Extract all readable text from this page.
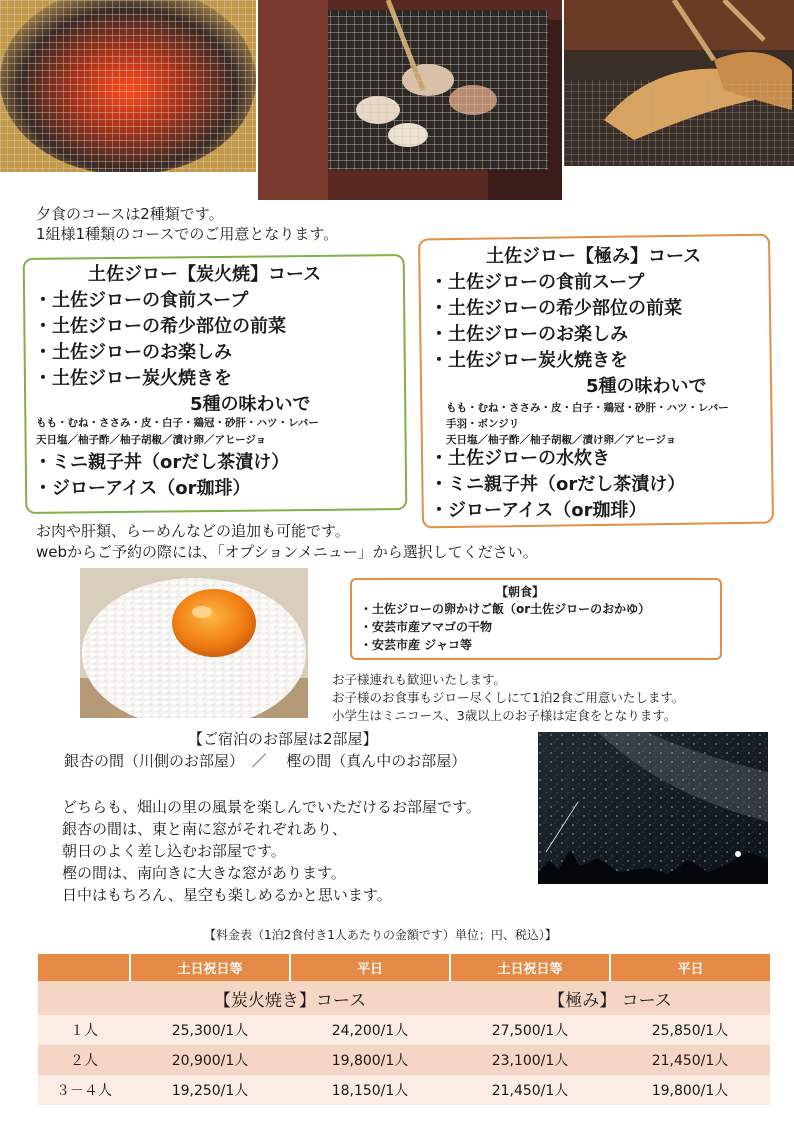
夕食のコースは2種類です。
1組様1種類のコースでのご用意となります。
土佐ジロー【炭火焼】コース
・土佐ジローの食前スープ
・土佐ジローの希少部位の前菜
・土佐ジローのお楽しみ
・土佐ジロー炭火焼きを
5種の味わいで
もも・むね・ささみ・皮・白子・鶏冠・砂肝・ハツ・レバー
天日塩／柚子酢／柚子胡椒／漬け卵／アヒージョ
・ミニ親子丼（orだし茶漬け）
・ジローアイス（or珈琲）
土佐ジロー【極み】コース
・土佐ジローの食前スープ
・土佐ジローの希少部位の前菜
・土佐ジローのお楽しみ
・土佐ジロー炭火焼きを
5種の味わいで
もも・むね・ささみ・皮・白子・鶏冠・砂肝・ハツ・レバー
手羽・ボンジリ
天日塩／柚子酢／柚子胡椒／漬け卵／アヒージョ
・土佐ジローの水炊き
・ミニ親子丼（orだし茶漬け）
・ジローアイス（or珈琲）
お肉や肝類、らーめんなどの追加も可能です。
webからご予約の際には、「オプションメニュー」から選択してください。
【朝食】
・土佐ジローの卵かけご飯（or土佐ジローのおかゆ）
・安芸市産アマゴの干物
・安芸市産 ジャコ等
お子様連れも歓迎いたします。
お子様のお食事もジロー尽くしにて1泊2食ご用意いたします。
小学生はミニコース、3歳以上のお子様は定食をとなります。
【ご宿泊のお部屋は2部屋】
銀杏の間（川側のお部屋）　／　 樫の間（真ん中のお部屋）
どちらも、畑山の里の風景を楽しんでいただけるお部屋です。
銀杏の間は、東と南に窓がそれぞれあり、
朝日のよく差し込むお部屋です。
樫の間は、南向きに大きな窓があります。
日中はもちろん、星空も楽しめるかと思います。
【料金表（1泊2食付き1人あたりの金額です）単位；円、税込）】
	土日祝日等	平日	土日祝日等	平日
	【炭火焼き】コース		【極み】 コース	
１人	25,300/1人	24,200/1人	27,500/1人	25,850/1人
２人	20,900/1人	19,800/1人	23,100/1人	21,450/1人
３－４人	19,250/1人	18,150/1人	21,450/1人	19,800/1人
